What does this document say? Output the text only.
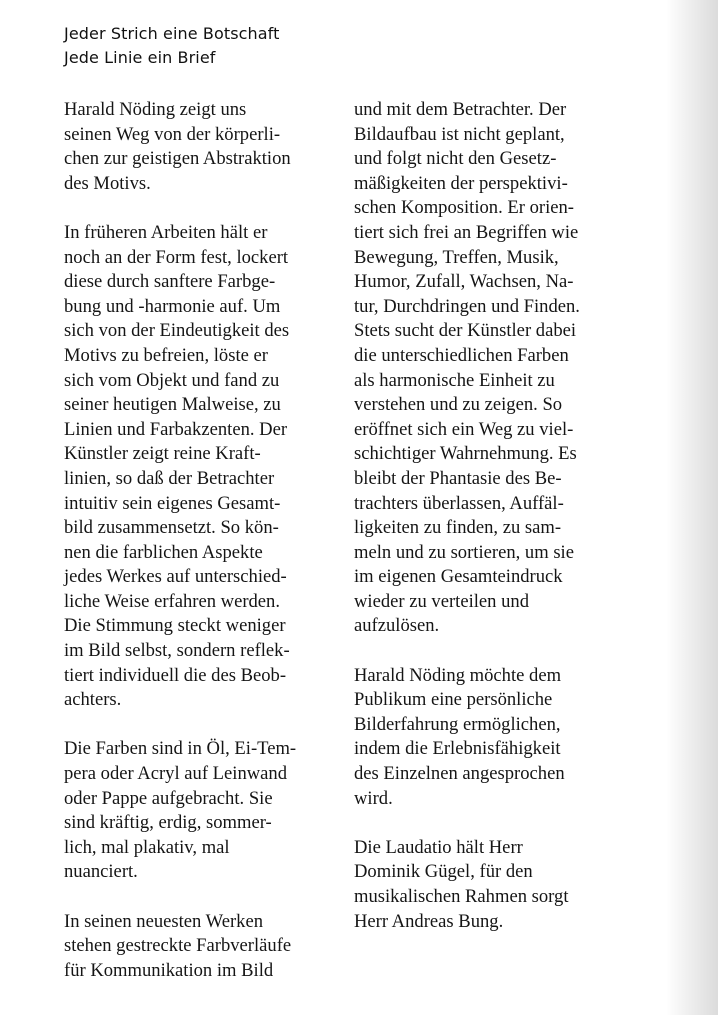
Jeder Strich eine Botschaft
Jede Linie ein Brief
Harald Nöding zeigt uns
seinen Weg von der körperli-
chen zur geistigen Abstraktion
des Motivs.
In früheren Arbeiten hält er
noch an der Form fest, lockert
diese durch sanftere Farbge-
bung und -harmonie auf. Um
sich von der Eindeutigkeit des
Motivs zu befreien, löste er
sich vom Objekt und fand zu
seiner heutigen Malweise, zu
Linien und Farbakzenten. Der
Künstler zeigt reine Kraft-
linien, so daß der Betrachter
intuitiv sein eigenes Gesamt-
bild zusammensetzt. So kön-
nen die farblichen Aspekte
jedes Werkes auf unterschied-
liche Weise erfahren werden.
Die Stimmung steckt weniger
im Bild selbst, sondern reflek-
tiert individuell die des Beob-
achters.
Die Farben sind in Öl, Ei-Tem-
pera oder Acryl auf Leinwand
oder Pappe aufgebracht. Sie
sind kräftig, erdig, sommer-
lich, mal plakativ, mal
nuanciert.
In seinen neuesten Werken
stehen gestreckte Farbverläufe
für Kommunikation im Bild
und mit dem Betrachter. Der
Bildaufbau ist nicht geplant,
und folgt nicht den Gesetz-
mäßigkeiten der perspektivi-
schen Komposition. Er orien-
tiert sich frei an Begriffen wie
Bewegung, Treffen, Musik,
Humor, Zufall, Wachsen, Na-
tur, Durchdringen und Finden.
Stets sucht der Künstler dabei
die unterschiedlichen Farben
als harmonische Einheit zu
verstehen und zu zeigen. So
eröffnet sich ein Weg zu viel-
schichtiger Wahrnehmung. Es
bleibt der Phantasie des Be-
trachters überlassen, Auffäl-
ligkeiten zu finden, zu sam-
meln und zu sortieren, um sie
im eigenen Gesamteindruck
wieder zu verteilen und
aufzulösen.
Harald Nöding möchte dem
Publikum eine persönliche
Bilderfahrung ermöglichen,
indem die Erlebnisfähigkeit
des Einzelnen angesprochen
wird.
Die Laudatio hält Herr
Dominik Gügel, für den
musikalischen Rahmen sorgt
Herr Andreas Bung.
